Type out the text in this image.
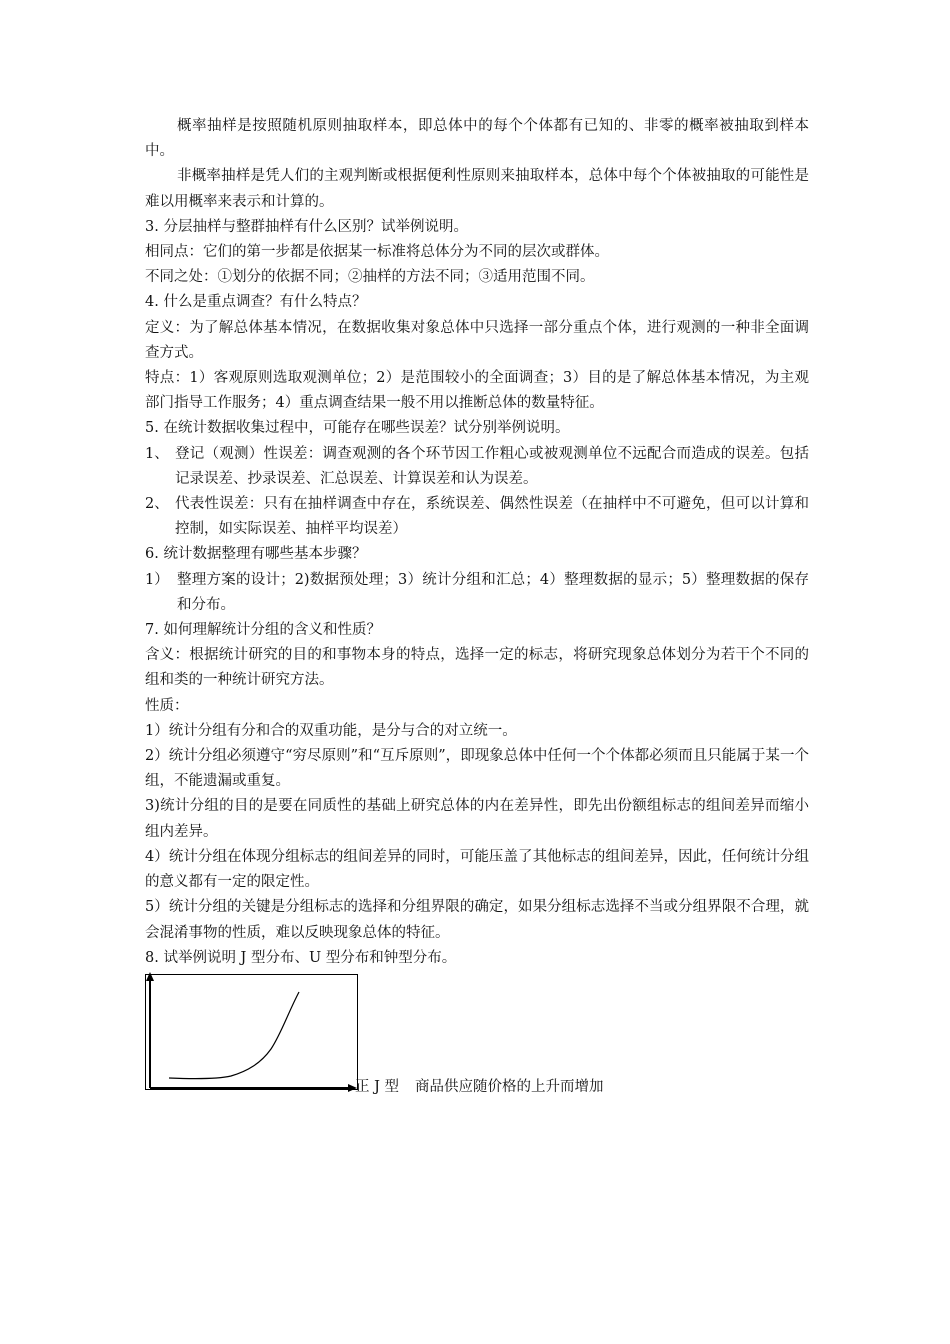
概率抽样是按照随机原则抽取样本，即总体中的每个个体都有已知的、非零的概率被抽取到样本中。

非概率抽样是凭人们的主观判断或根据便利性原则来抽取样本，总体中每个个体被抽取的可能性是难以用概率来表示和计算的。

3. 分层抽样与整群抽样有什么区别？试举例说明。

相同点：它们的第一步都是依据某一标准将总体分为不同的层次或群体。

不同之处：①划分的依据不同；②抽样的方法不同；③适用范围不同。

4. 什么是重点调查？有什么特点？

定义：为了解总体基本情况，在数据收集对象总体中只选择一部分重点个体，进行观测的一种非全面调查方式。

特点：1）客观原则选取观测单位；2）是范围较小的全面调查；3）目的是了解总体基本情况，为主观部门指导工作服务；4）重点调查结果一般不用以推断总体的数量特征。

5. 在统计数据收集过程中，可能存在哪些误差？试分别举例说明。

1、 登记（观测）性误差：调查观测的各个环节因工作粗心或被观测单位不远配合而造成的误差。包括记录误差、抄录误差、汇总误差、计算误差和认为误差。
2、 代表性误差：只有在抽样调查中存在，系统误差、偶然性误差（在抽样中不可避免，但可以计算和控制，如实际误差、抽样平均误差）

6. 统计数据整理有哪些基本步骤？

1） 整理方案的设计；2)数据预处理；3）统计分组和汇总；4）整理数据的显示；5）整理数据的保存和分布。

7. 如何理解统计分组的含义和性质？

含义：根据统计研究的目的和事物本身的特点，选择一定的标志，将研究现象总体划分为若干个不同的组和类的一种统计研究方法。

性质：

1）统计分组有分和合的双重功能，是分与合的对立统一。

2）统计分组必须遵守“穷尽原则”和“互斥原则”，即现象总体中任何一个个体都必须而且只能属于某一个组，不能遗漏或重复。

3)统计分组的目的是要在同质性的基础上研究总体的内在差异性，即先出份额组标志的组间差异而缩小组内差异。

4）统计分组在体现分组标志的组间差异的同时，可能压盖了其他标志的组间差异，因此，任何统计分组的意义都有一定的限定性。

5）统计分组的关键是分组标志的选择和分组界限的确定，如果分组标志选择不当或分组界限不合理，就会混淆事物的性质，难以反映现象总体的特征。

8. 试举例说明 J 型分布、U 型分布和钟型分布。

正 J 型 商品供应随价格的上升而增加
